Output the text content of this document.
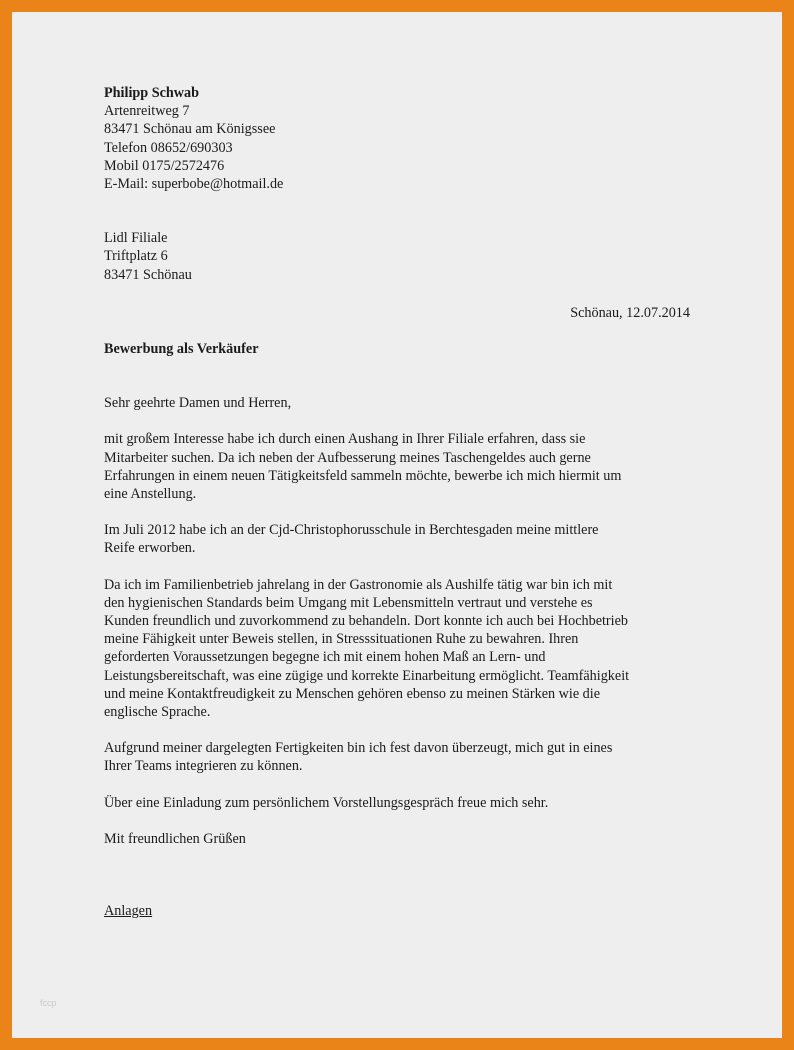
Philipp Schwab
Artenreitweg 7
83471 Schönau am Königssee
Telefon 08652/690303
Mobil 0175/2572476
E-Mail: superbobe@hotmail.de
Lidl Filiale
Triftplatz 6
83471 Schönau
Schönau, 12.07.2014
Bewerbung als Verkäufer
Sehr geehrte Damen und Herren,
mit großem Interesse habe ich durch einen Aushang in Ihrer Filiale erfahren, dass sie
Mitarbeiter suchen. Da ich neben der Aufbesserung meines Taschengeldes auch gerne
Erfahrungen in einem neuen Tätigkeitsfeld sammeln möchte, bewerbe ich mich hiermit um
eine Anstellung.
Im Juli 2012 habe ich an der Cjd-Christophorusschule in Berchtesgaden meine mittlere
Reife erworben.
Da ich im Familienbetrieb jahrelang in der Gastronomie als Aushilfe tätig war bin ich mit
den hygienischen Standards beim Umgang mit Lebensmitteln vertraut und verstehe es
Kunden freundlich und zuvorkommend zu behandeln. Dort konnte ich auch bei Hochbetrieb
meine Fähigkeit unter Beweis stellen, in Stresssituationen Ruhe zu bewahren. Ihren
geforderten Voraussetzungen begegne ich mit einem hohen Maß an Lern- und
Leistungsbereitschaft, was eine zügige und korrekte Einarbeitung ermöglicht. Teamfähigkeit
und meine Kontaktfreudigkeit zu Menschen gehören ebenso zu meinen Stärken wie die
englische Sprache.
Aufgrund meiner dargelegten Fertigkeiten bin ich fest davon überzeugt, mich gut in eines
Ihrer Teams integrieren zu können.
Über eine Einladung zum persönlichem Vorstellungsgespräch freue mich sehr.
Mit freundlichen Grüßen
Anlagen
fccp
